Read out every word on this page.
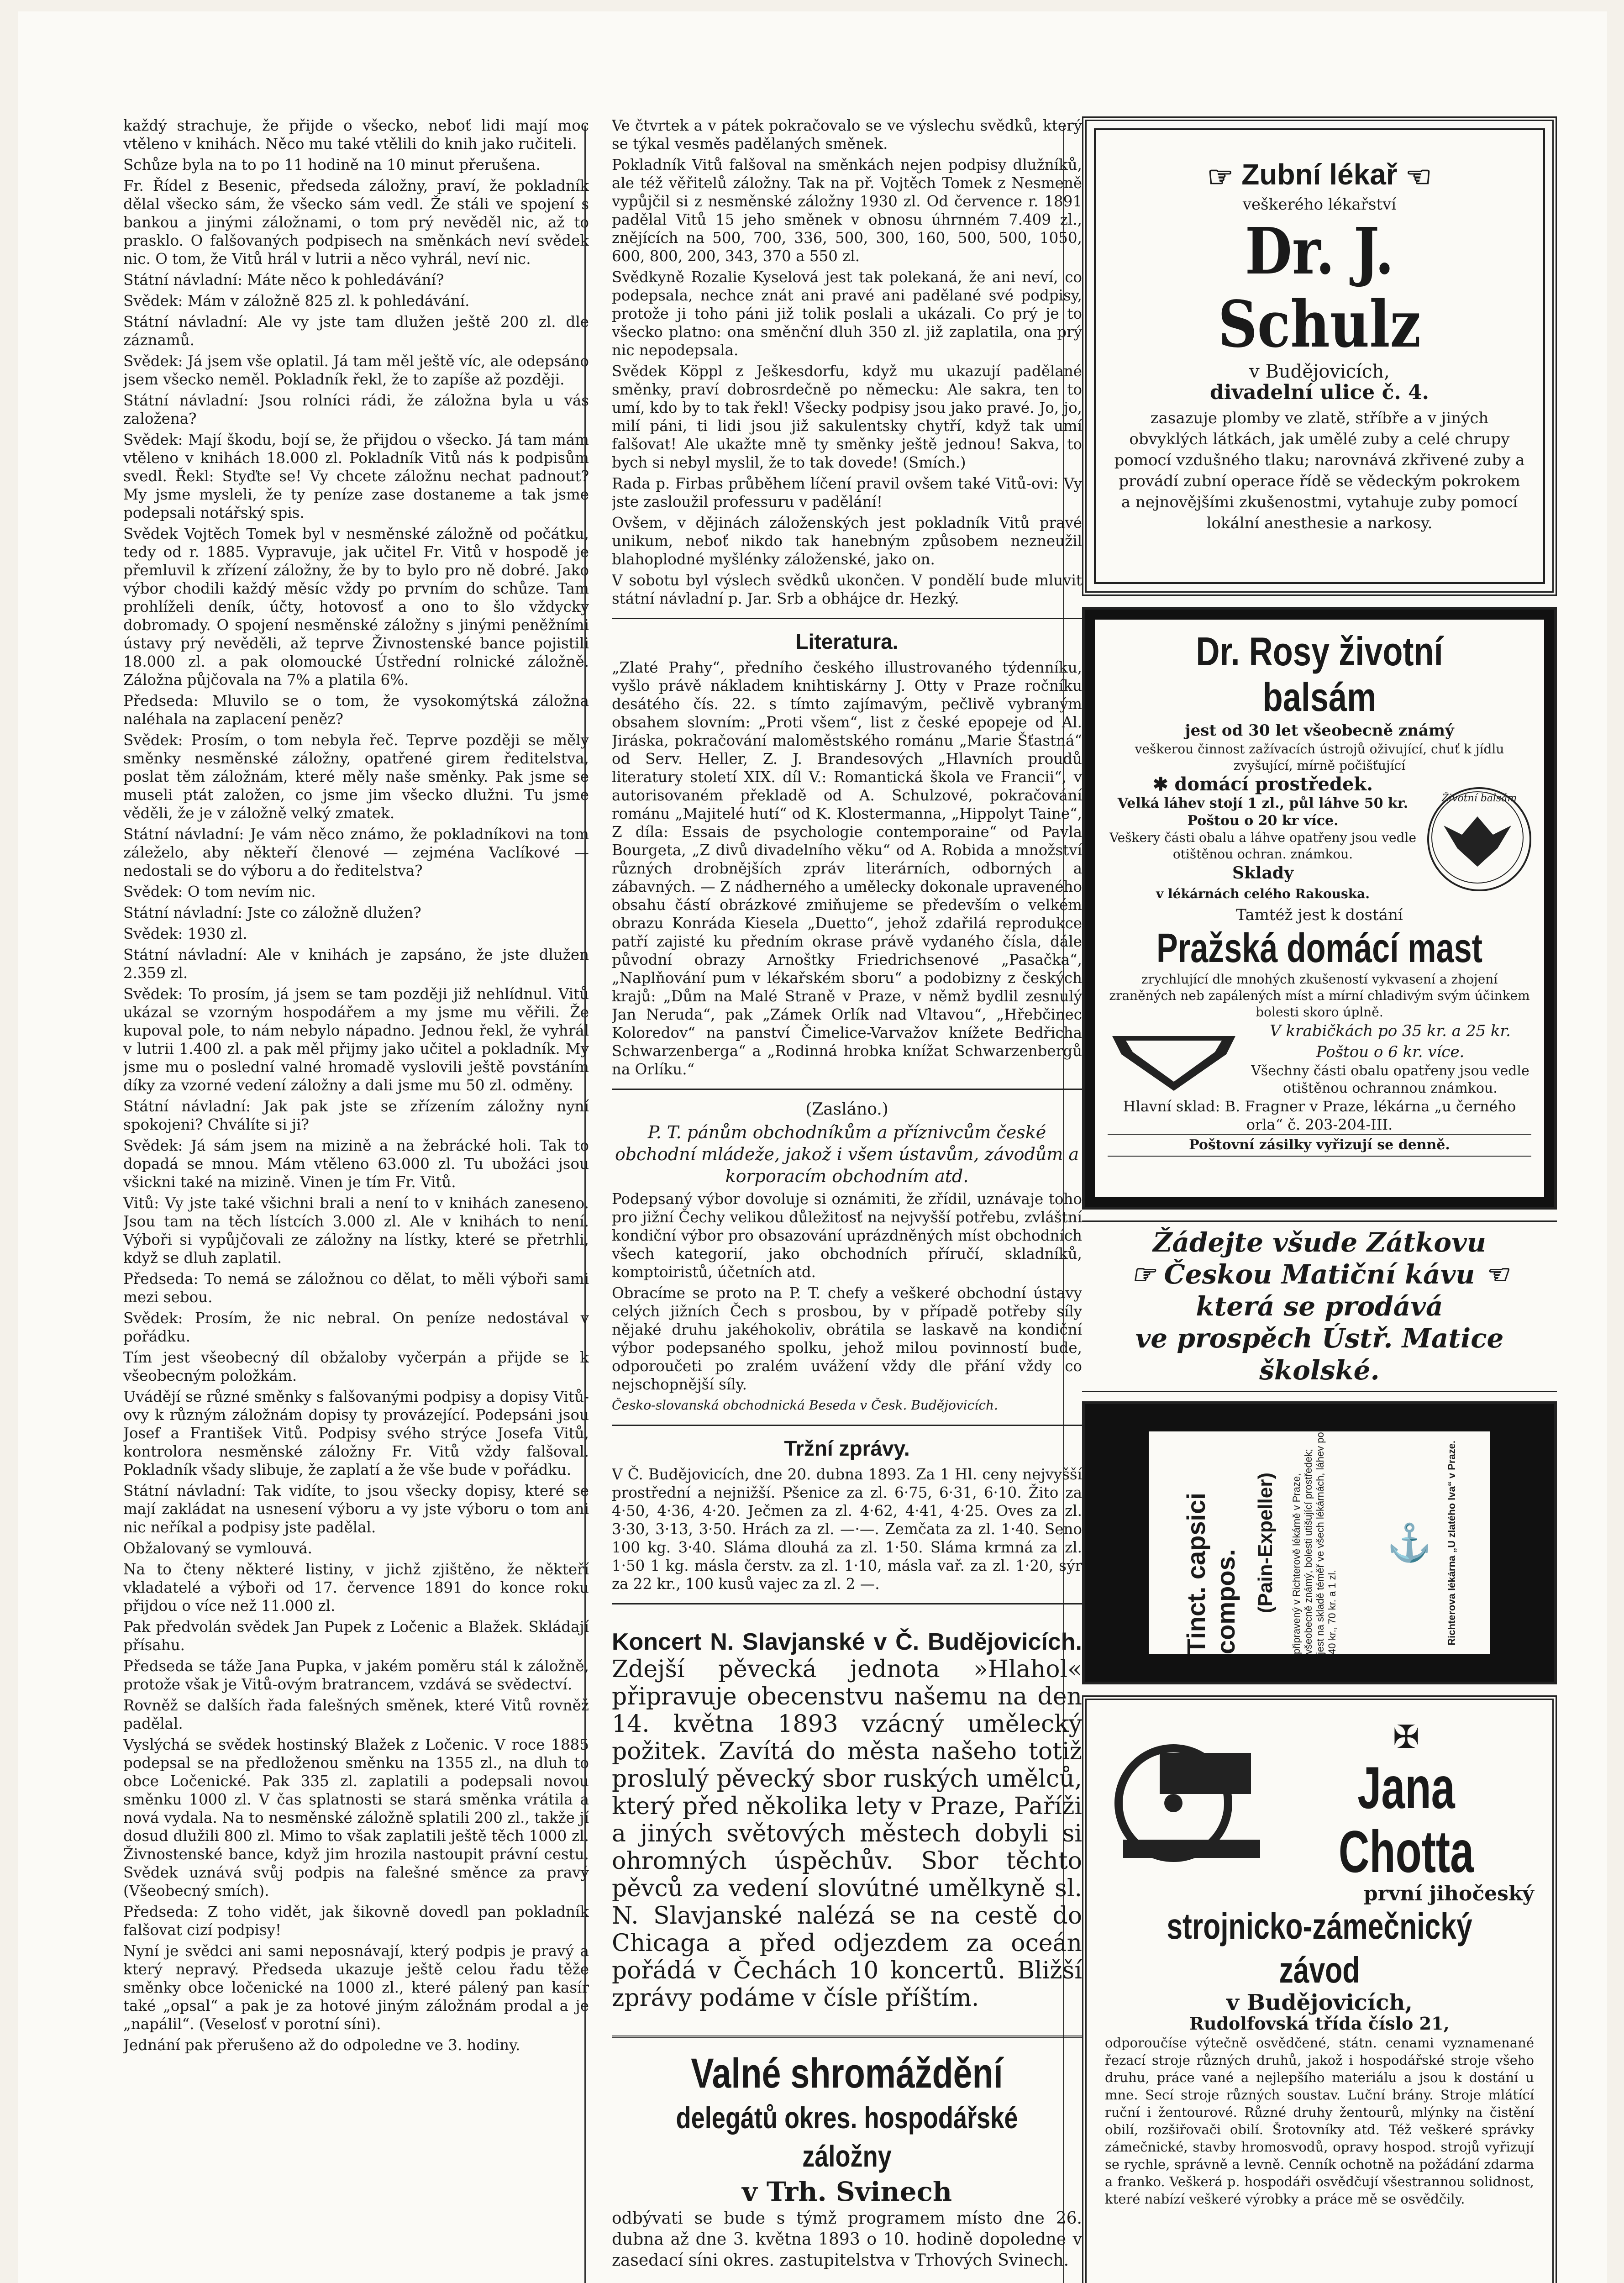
každý strachuje, že přijde o všecko, neboť lidi mají moc vtěleno v knihách. Něco mu také vtělili do knih jako ručiteli.

Schůze byla na to po 11 hodině na 10 minut přerušena.

Fr. Řídel z Besenic, předseda záložny, praví, že pokladník dělal všecko sám, že všecko sám vedl. Že stáli ve spojení s bankou a jinými záložnami, o tom prý nevěděl nic, až to prasklo. O falšovaných podpisech na směnkách neví svědek nic. O tom, že Vitů hrál v lutrii a něco vyhrál, neví nic.

Státní návladní: Máte něco k pohledávání?

Svědek: Mám v záložně 825 zl. k pohledávání.

Státní návladní: Ale vy jste tam dlužen ještě 200 zl. dle záznamů.

Svědek: Já jsem vše oplatil. Já tam měl ještě víc, ale odepsáno jsem všecko neměl. Pokladník řekl, že to zapíše až později.

Státní návladní: Jsou rolníci rádi, že záložna byla u vás založena?

Svědek: Mají škodu, bojí se, že přijdou o všecko. Já tam mám vtěleno v knihách 18.000 zl. Pokladník Vitů nás k podpisům svedl. Řekl: Styďte se! Vy chcete záložnu nechat padnout? My jsme mysleli, že ty peníze zase dostaneme a tak jsme podepsali notářský spis.

Svědek Vojtěch Tomek byl v nesměnské záložně od počátku, tedy od r. 1885. Vypravuje, jak učitel Fr. Vitů v hospodě je přemluvil k zřízení záložny, že by to bylo pro ně dobré. Jako výbor chodili každý měsíc vždy po prvním do schůze. Tam prohlíželi deník, účty, hotovosť a ono to šlo vždycky dobromady. O spojení nesměnské záložny s jinými peněžními ústavy prý nevěděli, až teprve Živnostenské bance pojistili 18.000 zl. a pak olomoucké Ústřední rolnické záložně. Záložna půjčovala na 7% a platila 6%.

Předseda: Mluvilo se o tom, že vysokomýtská záložna naléhala na zaplacení peněz?

Svědek: Prosím, o tom nebyla řeč. Teprve později se měly směnky nesměnské záložny, opatřené girem ředitelstva, poslat těm záložnám, které měly naše směnky. Pak jsme se museli ptát založen, co jsme jim všecko dlužni. Tu jsme věděli, že je v záložně velký zmatek.

Státní návladní: Je vám něco známo, že pokladníkovi na tom záleželo, aby někteří členové — zejména Vaclíkové — nedostali se do výboru a do ředitelstva?

Svědek: O tom nevím nic.

Státní návladní: Jste co záložně dlužen?

Svědek: 1930 zl.

Státní návladní: Ale v knihách je zapsáno, že jste dlužen 2.359 zl.

Svědek: To prosím, já jsem se tam později již nehlídnul. Vitů ukázal se vzorným hospodářem a my jsme mu věřili. Že kupoval pole, to nám nebylo nápadno. Jednou řekl, že vyhrál v lutrii 1.400 zl. a pak měl přijmy jako učitel a pokladník. My jsme mu o poslední valné hromadě vyslovili ještě povstáním díky za vzorné vedení záložny a dali jsme mu 50 zl. odměny.

Státní návladní: Jak pak jste se zřízením záložny nyní spokojeni? Chválíte si ji?

Svědek: Já sám jsem na mizině a na žebrácké holi. Tak to dopadá se mnou. Mám vtěleno 63.000 zl. Tu ubožáci jsou všickni také na mizině. Vinen je tím Fr. Vitů.

Vitů: Vy jste také všichni brali a není to v knihách zaneseno. Jsou tam na těch lístcích 3.000 zl. Ale v knihách to není. Výboři si vypůjčovali ze záložny na lístky, které se přetrhli, když se dluh zaplatil.

Předseda: To nemá se záložnou co dělat, to měli výboři sami mezi sebou.

Svědek: Prosím, že nic nebral. On peníze nedostával v pořádku.

Tím jest všeobecný díl obžaloby vyčerpán a přijde se k všeobecným položkám.

Uvádějí se různé směnky s falšovanými podpisy a dopisy Vitů-ovy k různým záložnám dopisy ty provázející. Podepsáni jsou Josef a František Vitů. Podpisy svého strýce Josefa Vitů, kontrolora nesměnské záložny Fr. Vitů vždy falšoval. Pokladník všady slibuje, že zaplatí a že vše bude v pořádku.

Státní návladní: Tak vidíte, to jsou všecky dopisy, které se mají zakládat na usnesení výboru a vy jste výboru o tom ani nic neříkal a podpisy jste padělal.

Obžalovaný se vymlouvá.

Na to čteny některé listiny, v jichž zjištěno, že někteří vkladatelé a výboři od 17. července 1891 do konce roku přijdou o více než 11.000 zl.

Pak předvolán svědek Jan Pupek z Ločenic a Blažek. Skládají přísahu.

Předseda se táže Jana Pupka, v jakém poměru stál k záložně, protože však je Vitů-ovým bratrancem, vzdává se svědectví.

Rovněž se dalších řada falešných směnek, které Vitů rovněž padělal.

Vyslýchá se svědek hostinský Blažek z Ločenic. V roce 1885 podepsal se na předloženou směnku na 1355 zl., na dluh to obce Ločenické. Pak 335 zl. zaplatili a podepsali novou směnku 1000 zl. V čas splatnosti se stará směnka vrátila a nová vydala. Na to nesměnské záložně splatili 200 zl., takže jí dosud dlužili 800 zl. Mimo to však zaplatili ještě těch 1000 zl. Živnostenské bance, když jim hrozila nastoupit právní cestu. Svědek uznává svůj podpis na falešné směnce za pravý (Všeobecný smích).

Předseda: Z toho vidět, jak šikovně dovedl pan pokladník falšovat cizí podpisy!

Nyní je svědci ani sami neposnávají, který podpis je pravý a který nepravý. Předseda ukazuje ještě celou řadu těže směnky obce ločenické na 1000 zl., které pálený pan kasír také „opsal“ a pak je za hotové jiným záložnám prodal a je „napálil“. (Veselosť v porotní síni).

Jednání pak přerušeno až do odpoledne ve 3. hodiny.

Ve čtvrtek a v pátek pokračovalo se ve výslechu svědků, který se týkal vesměs padělaných směnek.

Pokladník Vitů falšoval na směnkách nejen podpisy dlužníků, ale též věřitelů záložny. Tak na př. Vojtěch Tomek z Nesmeně vypůjčil si z nesměnské záložny 1930 zl. Od července r. 1891 padělal Vitů 15 jeho směnek v obnosu úhrnném 7.409 zl., znějících na 500, 700, 336, 500, 300, 160, 500, 500, 1050, 600, 800, 200, 343, 370 a 550 zl.

Svědkyně Rozalie Kyselová jest tak polekaná, že ani neví, co podepsala, nechce znát ani pravé ani padělané své podpisy, protože ji toho páni již tolik poslali a ukázali. Co prý je to všecko platno: ona směnční dluh 350 zl. již zaplatila, ona prý nic nepodepsala.

Svědek Köppl z Ješkesdorfu, když mu ukazují padělané směnky, praví dobrosrdečně po německu: Ale sakra, ten to umí, kdo by to tak řekl! Všecky podpisy jsou jako pravé. Jo, jo, milí páni, ti lidi jsou již sakulentsky chytří, když tak umí falšovat! Ale ukažte mně ty směnky ještě jednou! Sakva, to bych si nebyl myslil, že to tak dovede! (Smích.)

Rada p. Firbas průběhem líčení pravil ovšem také Vitů-ovi: Vy jste zasloužil professuru v padělání!

Ovšem, v dějinách záloženských jest pokladník Vitů pravé unikum, neboť nikdo tak hanebným způsobem nezneužil blahoplodné myšlénky záloženské, jako on.

V sobotu byl výslech svědků ukončen. V pondělí bude mluvit státní návladní p. Jar. Srb a obhájce dr. Hezký.

Literatura.

„Zlaté Prahy“, předního českého illustrovaného týdenníku, vyšlo právě nákladem knihtiskárny J. Otty v Praze ročníku desátého čís. 22. s tímto zajímavým, pečlivě vybraným obsahem slovním: „Proti všem“, list z české epopeje od Al. Jiráska, pokračování maloměstského románu „Marie Šťastná“ od Serv. Heller, Z. J. Brandesových „Hlavních proudů literatury století XIX. díl V.: Romantická škola ve Francii“, v autorisovaném překladě od A. Schulzové, pokračování románu „Majitelé hutí“ od K. Klostermanna, „Hippolyt Taine“, Z díla: Essais de psychologie contemporaine“ od Pavla Bourgeta, „Z divů divadelního věku“ od A. Robida a množství různých drobnějších zpráv literárních, odborných a zábavných. — Z nádherného a umělecky dokonale upraveného obsahu částí obrázkové zmiňujeme se především o velkém obrazu Konráda Kiesela „Duetto“, jehož zdařilá reprodukce patří zajisté ku předním okrase právě vydaného čísla, dále původní obrazy Arnoštky Friedrichsenové „Pasačka“, „Naplňování pum v lékařském sboru“ a podobizny z českých krajů: „Dům na Malé Straně v Praze, v němž bydlil zesnulý Jan Neruda“, pak „Zámek Orlík nad Vltavou“, „Hřebčinec Koloredov“ na panství Čimelice-Varvažov knížete Bedřicha Schwarzenberga“ a „Rodinná hrobka knížat Schwarzenbergů na Orlíku.“

(Zasláno.)

P. T. pánům obchodníkům a příznivcům české obchodní mládeže, jakož i všem ústavům, závodům a korporacím obchodním atd.

Podepsaný výbor dovoluje si oznámiti, že zřídil, uznávaje toho pro jižní Čechy velikou důležitosť na nejvyšší potřebu, zvláštní kondiční výbor pro obsazování uprázdněných míst obchodních všech kategorií, jako obchodních příručí, skladníků, komptoiristů, účetních atd.

Obracíme se proto na P. T. chefy a veškeré obchodní ústavy celých jižních Čech s prosbou, by v případě potřeby síly nějaké druhu jakéhokoliv, obrátila se laskavě na kondiční výbor podepsaného spolku, jehož milou povinností bude, odporoučeti po zralém uvážení vždy dle přání vždy co nejschopnější síly.

Česko-slovanská obchodnická Beseda v Česk. Budějovicích.

Tržní zprávy.

V Č. Budějovicích, dne 20. dubna 1893. Za 1 Hl. ceny nejvyšší prostřední a nejnižší. Pšenice za zl. 6·75, 6·31, 6·10. Žito za 4·50, 4·36, 4·20. Ječmen za zl. 4·62, 4·41, 4·25. Oves za zl. 3·30, 3·13, 3·50. Hrách za zl. —·—. Zemčata za zl. 1·40. Seno 100 kg. 3·40. Sláma dlouhá za zl. 1·50. Sláma krmná za zl. 1·50 1 kg. másla čerstv. za zl. 1·10, másla vař. za zl. 1·20, sýr za 22 kr., 100 kusů vajec za zl. 2 —.

Koncert N. Slavjanské v Č. Budějovicích. Zdejší pěvecká jednota »Hlahol« připravuje obecenstvu našemu na den 14. května 1893 vzácný umělecký požitek. Zavítá do města našeho totiž proslulý pěvecký sbor ruských umělců, který před několika lety v Praze, Paříži a jiných světových městech dobyli si ohromných úspěchův. Sbor těchto pěvců za vedení slovútné umělkyně sl. N. Slavjanské nalézá se na cestě do Chicaga a před odjezdem za oceán pořádá v Čechách 10 koncertů. Bližší zprávy podáme v čísle příštím.

Valné shromáždění
delegátů okres. hospodářské záložny
v Trh. Svinech

odbývati se bude s týmž programem místo dne 26. dubna až dne 3. května 1893 o 10. hodině dopoledne v zasedací síni okres. zastupitelstva v Trhových Svinech.

☞ Zubní lékař ☜
veškerého lékařství
Dr. J. Schulz
v Budějovicích,
divadelní ulice č. 4.
zasazuje plomby ve zlatě, stříbře a v jiných obvyklých látkách, jak umělé zuby a celé chrupy pomocí vzdušného tlaku; narovnává zkřivené zuby a provádí zubní operace řídě se vědeckým pokrokem a nejnovějšími zkušenostmi, vytahuje zuby pomocí lokální anesthesie a narkosy.
Dr. Rosy životní balsám
jest od 30 let všeobecně známý
veškerou činnost zažívacích ústrojů oživující, chuť k jídlu zvyšující, mírně počišťující
✱ domácí prostředek.
Velká láhev stojí 1 zl., půl láhve 50 kr. Poštou o 20 kr více.
Veškery části obalu a láhve opatřeny jsou vedle otištěnou ochran. známkou.
Sklady
v lékárnách celého Rakouska.
Životní balsám
Tamtéž jest k dostání
Pražská domácí mast
zrychlující dle mnohých zkušeností vykvasení a zhojení zraněných neb zapálených míst a mírní chladivým svým účinkem bolesti skoro úplně.
V krabičkách po 35 kr. a 25 kr. Poštou o 6 kr. více.
Všechny části obalu opatřeny jsou vedle otištěnou ochrannou známkou.
Hlavní sklad: B. Fragner v Praze, lékárna „u černého orla“ č. 203-204-III.
Poštovní zásilky vyřizují se denně.
Žádejte všude Zátkovu
☞ Českou Matiční kávu ☜
která se prodává
ve prospěch Ústř. Matice školské.
Tinct. capsici compos. (Pain-Expeller) připravený v Richterově lékárně v Praze, všeobecně známý, bolesti utišující prostředek; jest na skladě téměř ve všech lékárnách, láhev po 40 kr., 70 kr. a 1 zl.
⚓ Richterova lékárna „U zlatého lva“ v Praze.
✠
Jana Chotta
první jihočeský
strojnicko-zámečnický závod
v Budějovicích,
Rudolfovská třída číslo 21,
odporoučíse výtečně osvědčené, státn. cenami vyznamenané řezací stroje různých druhů, jakož i hospodářské stroje všeho druhu, práce vané a nejlepšího materiálu a jsou k dostání u mne. Secí stroje různých soustav. Luční brány. Stroje mlátící ruční i žentourové. Různé druhy žentourů, mlýnky na čistění obilí, rozšiřovači obilí. Šrotovníky atd. Též veškeré správky zámečnické, stavby hromosvodů, opravy hospod. strojů vyřizují se rychle, správně a levně. Cenník ochotně na požádání zdarma a franko. Veškerá p. hospodáři osvědčují všestrannou solidnost, které nabízí veškeré výrobky a práce mě se osvědčily.
